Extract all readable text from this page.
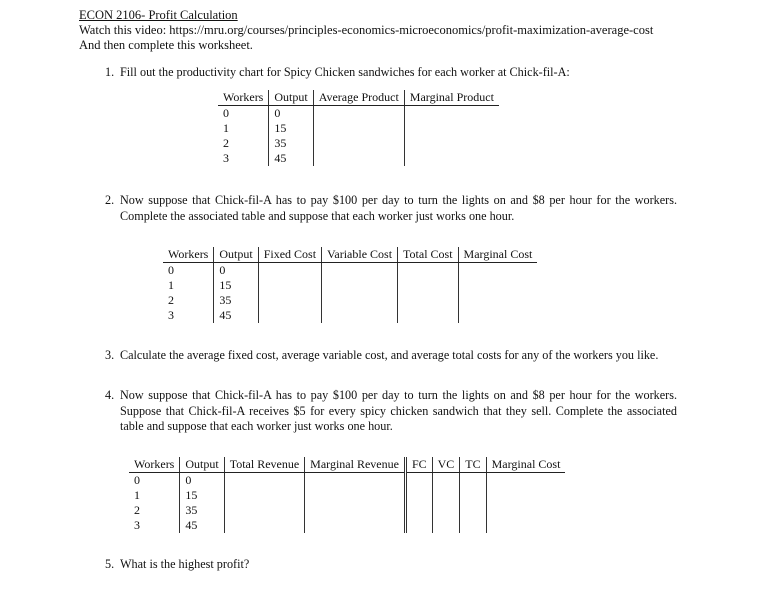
ECON 2106- Profit Calculation
Watch this video: https://mru.org/courses/principles-economics-microeconomics/profit-maximization-average-cost
And then complete this worksheet.
1. Fill out the productivity chart for Spicy Chicken sandwiches for each worker at Chick-fil-A:
Workers	Output	Average Product	Marginal Product
0	0		
1	15		
2	35		
3	45		
2. Now suppose that Chick-fil-A has to pay $100 per day to turn the lights on and $8 per hour for the workers. Complete the associated table and suppose that each worker just works one hour.
Workers	Output	Fixed Cost	Variable Cost	Total Cost	Marginal Cost
0	0				
1	15				
2	35				
3	45				
3. Calculate the average fixed cost, average variable cost, and average total costs for any of the workers you like.
4. Now suppose that Chick-fil-A has to pay $100 per day to turn the lights on and $8 per hour for the workers. Suppose that Chick-fil-A receives $5 for every spicy chicken sandwich that they sell. Complete the associated table and suppose that each worker just works one hour.
Workers	Output	Total Revenue	Marginal Revenue	FC	VC	TC	Marginal Cost
0	0						
1	15						
2	35						
3	45						
5. What is the highest profit?
